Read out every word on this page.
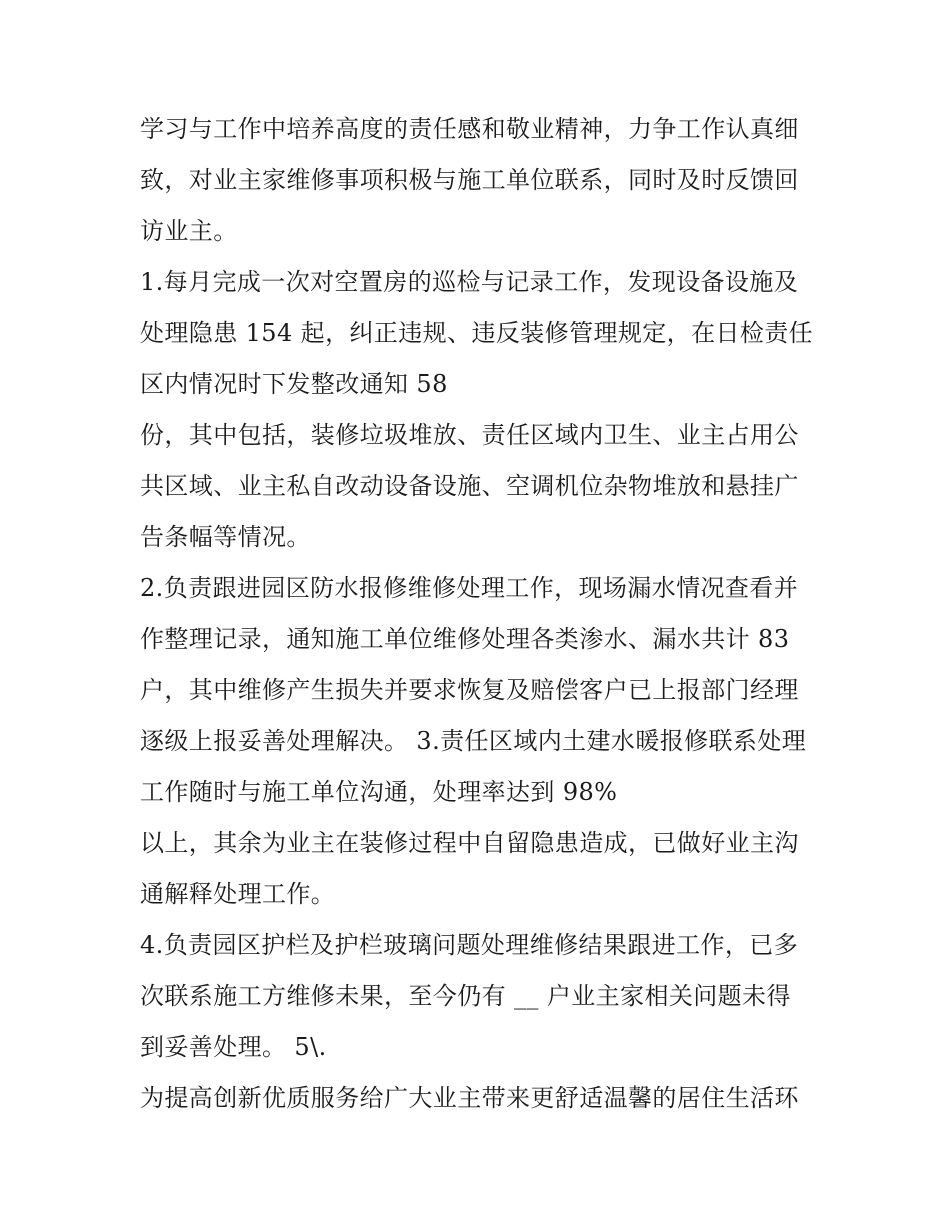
学习与工作中培养高度的责任感和敬业精神，力争工作认真细
致，对业主家维修事项积极与施工单位联系，同时及时反馈回
访业主。
1.每月完成一次对空置房的巡检与记录工作，发现设备设施及
处理隐患 154 起，纠正违规、违反装修管理规定，在日检责任
区内情况时下发整改通知 58
份，其中包括，装修垃圾堆放、责任区域内卫生、业主占用公
共区域、业主私自改动设备设施、空调机位杂物堆放和悬挂广
告条幅等情况。
2.负责跟进园区防水报修维修处理工作，现场漏水情况查看并
作整理记录，通知施工单位维修处理各类渗水、漏水共计 83
户，其中维修产生损失并要求恢复及赔偿客户已上报部门经理
逐级上报妥善处理解决。 3.责任区域内土建水暖报修联系处理
工作随时与施工单位沟通，处理率达到 98%
以上，其余为业主在装修过程中自留隐患造成，已做好业主沟
通解释处理工作。
4.负责园区护栏及护栏玻璃问题处理维修结果跟进工作，已多
次联系施工方维修未果，至今仍有 __ 户业主家相关问题未得
到妥善处理。 5\.
为提高创新优质服务给广大业主带来更舒适温馨的居住生活环
